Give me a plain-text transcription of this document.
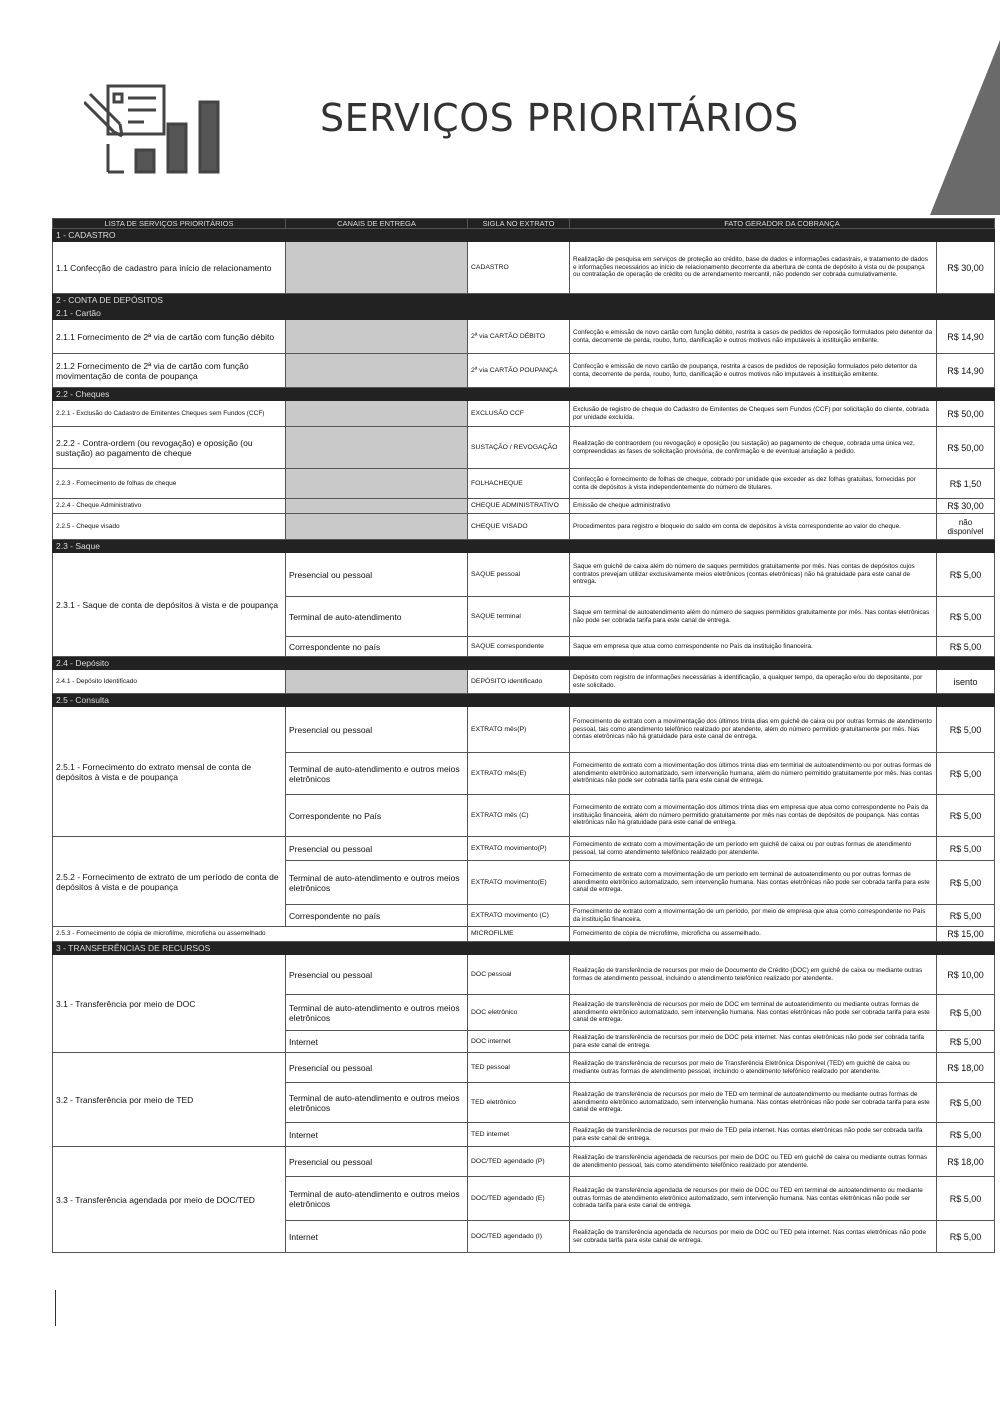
SERVIÇOS PRIORITÁRIOS
LISTA DE SERVIÇOS PRIORITÁRIOS	CANAIS DE ENTREGA	SIGLA NO EXTRATO	FATO GERADOR DA COBRANÇA	
1 - CADASTRO				
1.1 Confecção de cadastro para início de relacionamento		CADASTRO	Realização de pesquisa em serviços de proteção ao crédito, base de dados e informações cadastrais, e tratamento de dados e informações necessários ao início de relacionamento decorrente da abertura de conta de depósito à vista ou de poupança ou contratação de operação de crédito ou de arrendamento mercantil, não podendo ser cobrada cumulativamente.	R$ 30,00
2 - CONTA DE DEPÓSITOS				
2.1 - Cartão				
2.1.1 Fornecimento de 2ª via de cartão com função débito		2ª via CARTÃO DÉBITO	Confecção e emissão de novo cartão com função débito, restrita a casos de pedidos de reposição formulados pelo detentor da conta, decorrente de perda, roubo, furto, danificação e outros motivos não imputáveis à instituição emitente.	R$ 14,90
2.1.2 Fornecimento de 2ª via de cartão com função movimentação de conta de poupança		2ª via CARTÃO POUPANÇA	Confecção e emissão de novo cartão de poupança, restrita a casos de pedidos de reposição formulados pelo detentor da conta, decorrente de perda, roubo, furto, danificação e outros motivos não imputáveis à instituição emitente.	R$ 14,90
2.2 - Cheques				
2.2.1 - Exclusão do Cadastro de Emitentes Cheques sem Fundos (CCF)		EXCLUSÃO CCF	Exclusão de registro de cheque do Cadastro de Emitentes de Cheques sem Fundos (CCF) por solicitação do cliente, cobrada por unidade excluída.	R$ 50,00
2.2.2 - Contra-ordem (ou revogação) e oposição (ou sustação) ao pagamento de cheque		SUSTAÇÃO / REVOGAÇÃO	Realização de contraordem (ou revogação) e oposição (ou sustação) ao pagamento de cheque, cobrada uma única vez, compreendidas as fases de solicitação provisória, de confirmação e de eventual anulação a pedido.	R$ 50,00
2.2.3 - Fornecimento de folhas de cheque		FOLHACHEQUE	Confecção e fornecimento de folhas de cheque, cobrado por unidade que exceder as dez folhas gratuitas, fornecidas por conta de depósitos à vista independentemente do número de titulares.	R$ 1,50
2.2.4 - Cheque Administrativo		CHEQUE ADMINISTRATIVO	Emissão de cheque administrativo	R$ 30,00
2.2.5 - Cheque visado		CHEQUE VISADO	Procedimentos para registro e bloqueio do saldo em conta de depósitos à vista correspondente ao valor do cheque.	não disponível
2.3 - Saque				
2.3.1 - Saque de conta de depósitos à vista e de poupança	Presencial ou pessoal	SAQUE pessoal	Saque em guichê de caixa além do número de saques permitidos gratuitamente por mês. Nas contas de depósitos cujos contratos prevejam utilizar exclusivamente meios eletrônicos (contas eletrônicas) não há gratuidade para este canal de entrega.	R$ 5,00
	Terminal de auto-atendimento	SAQUE terminal	Saque em terminal de autoatendimento além do número de saques permitidos gratuitamente por mês. Nas contas eletrônicas não pode ser cobrada tarifa para este canal de entrega.	R$ 5,00
	Correspondente no país	SAQUE correspondente	Saque em empresa que atua como correspondente no País da instituição financeira.	R$ 5,00
2.4 - Depósito				
2.4.1 - Depósito Identificado		DEPÓSITO identificado	Depósito com registro de informações necessárias à identificação, a qualquer tempo, da operação e/ou do depositante, por este solicitado.	isento
2.5 - Consulta				
2.5.1 - Fornecimento do extrato mensal de conta de depósitos à vista e de poupança	Presencial ou pessoal	EXTRATO mês(P)	Fornecimento de extrato com a movimentação dos últimos trinta dias em guichê de caixa ou por outras formas de atendimento pessoal, tais como atendimento telefônico realizado por atendente, além do número permitido gratuitamente por mês. Nas contas eletrônicas não há gratuidade para este canal de entrega.	R$ 5,00
	Terminal de auto-atendimento e outros meios eletrônicos	EXTRATO mês(E)	Fornecimento de extrato com a movimentação dos últimos trinta dias em terminal de autoatendimento ou por outras formas de atendimento eletrônico automatizado, sem intervenção humana, além do número permitido gratuitamente por mês. Nas contas eletrônicas não pode ser cobrada tarifa para este canal de entrega.	R$ 5,00
	Correspondente no País	EXTRATO mês (C)	Fornecimento de extrato com a movimentação dos últimos trinta dias em empresa que atua como correspondente no País da instituição financeira, além do número permitido gratuitamente por mês nas contas de depósitos de poupança. Nas contas eletrônicas não há gratuidade para este canal de entrega.	R$ 5,00
2.5.2 - Fornecimento de extrato de um período de conta de depósitos à vista e de poupança	Presencial ou pessoal	EXTRATO movimento(P)	Fornecimento de extrato com a movimentação de um período em guichê de caixa ou por outras formas de atendimento pessoal, tal como atendimento telefônico realizado por atendente.	R$ 5,00
	Terminal de auto-atendimento e outros meios eletrônicos	EXTRATO movimento(E)	Fornecimento de extrato com a movimentação de um período em terminal de autoatendimento ou por outras formas de atendimento eletrônico automatizado, sem intervenção humana. Nas contas eletrônicas não pode ser cobrada tarifa para este canal de entrega.	R$ 5,00
	Correspondente no país	EXTRATO movimento (C)	Fornecimento de extrato com a movimentação de um período, por meio de empresa que atua como correspondente no País da instituição financeira.	R$ 5,00
2.5.3 - Fornecimento de cópia de microfilme, microficha ou assemelhado		MICROFILME	Fornecimento de cópia de microfilme, microficha ou assemelhado.	R$ 15,00
3 - TRANSFERÊNCIAS DE RECURSOS				
3.1 - Transferência por meio de DOC	Presencial ou pessoal	DOC pessoal	Realização de transferência de recursos por meio de Documento de Crédito (DOC) em guichê de caixa ou mediante outras formas de atendimento pessoal, incluindo o atendimento telefônico realizado por atendente.	R$ 10,00
	Terminal de auto-atendimento e outros meios eletrônicos	DOC eletrônico	Realização de transferência de recursos por meio de DOC em terminal de autoatendimento ou mediante outras formas de atendimento eletrônico automatizado, sem intervenção humana. Nas contas eletrônicas não pode ser cobrada tarifa para este canal de entrega.	R$ 5,00
	Internet	DOC internet	Realização de transferência de recursos por meio de DOC pela internet. Nas contas eletrônicas não pode ser cobrada tarifa para este canal de entrega.	R$ 5,00
3.2 - Transferência por meio de TED	Presencial ou pessoal	TED pessoal	Realização de transferência de recursos por meio de Transferência Eletrônica Disponível (TED) em guichê de caixa ou mediante outras formas de atendimento pessoal, incluindo o atendimento telefônico realizado por atendente.	R$ 18,00
	Terminal de auto-atendimento e outros meios eletrônicos	TED eletrônico	Realização de transferência de recursos por meio de TED em terminal de autoatendimento ou mediante outras formas de atendimento eletrônico automatizado, sem intervenção humana. Nas contas eletrônicas não pode ser cobrada tarifa para este canal de entrega.	R$ 5,00
	Internet	TED internet	Realização de transferência de recursos por meio de TED pela internet. Nas contas eletrônicas não pode ser cobrada tarifa para este canal de entrega.	R$ 5,00
3.3 - Transferência agendada por meio de DOC/TED	Presencial ou pessoal	DOC/TED agendado (P)	Realização de transferência agendada de recursos por meio de DOC ou TED em guichê de caixa ou mediante outras formas de atendimento pessoal, tais como atendimento telefônico realizado por atendente.	R$ 18,00
	Terminal de auto-atendimento e outros meios eletrônicos	DOC/TED agendado (E)	Realização de transferência agendada de recursos por meio de DOC ou TED em terminal de autoatendimento ou mediante outras formas de atendimento eletrônico automatizado, sem intervenção humana. Nas contas eletrônicas não pode ser cobrada tarifa para este canal de entrega.	R$ 5,00
	Internet	DOC/TED agendado (I)	Realização de transferência agendada de recursos por meio de DOC ou TED pela internet. Nas contas eletrônicas não pode ser cobrada tarifa para este canal de entrega.	R$ 5,00
